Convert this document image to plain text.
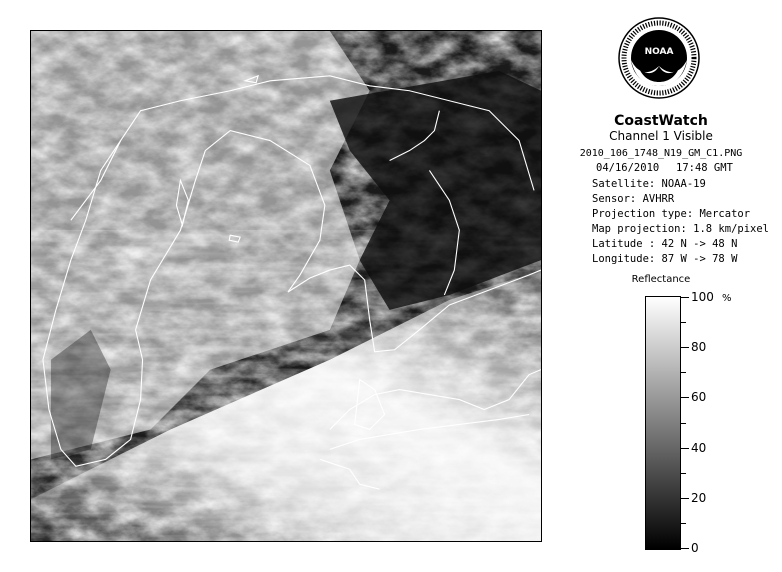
NOAA
CoastWatch
Channel 1 Visible
2010_106_1748_N19_GM_C1.PNG
04/16/2010 17:48 GMT
Satellite: NOAA-19
Sensor: AVHRR
Projection type: Mercator
Map projection: 1.8 km/pixel
Latitude : 42 N -> 48 N
Longitude: 87 W -> 78 W
Reflectance
%
100
80
60
40
20
0
